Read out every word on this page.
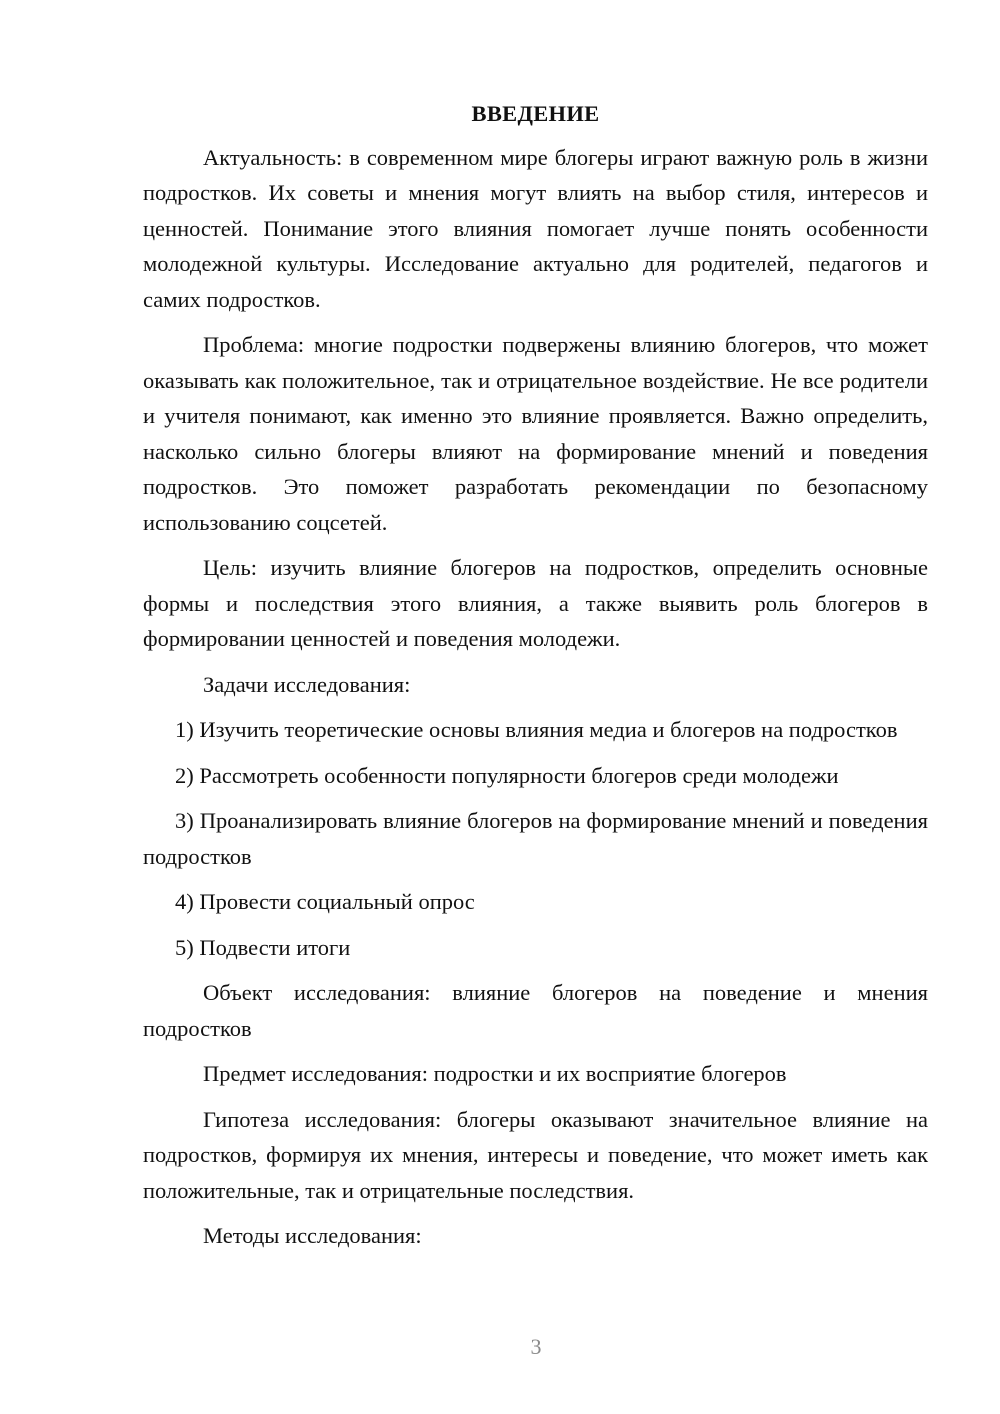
ВВЕДЕНИЕ

Актуальность: в современном мире блогеры играют важную роль в жизни подростков. Их советы и мнения могут влиять на выбор стиля, интересов и ценностей. Понимание этого влияния помогает лучше понять особенности молодежной культуры. Исследование актуально для родителей, педагогов и самих подростков.

Проблема: многие подростки подвержены влиянию блогеров, что может оказывать как положительное, так и отрицательное воздействие. Не все родители и учителя понимают, как именно это влияние проявляется. Важно определить, насколько сильно блогеры влияют на формирование мнений и поведения подростков. Это поможет разработать рекомендации по безопасному использованию соцсетей.

Цель: изучить влияние блогеров на подростков, определить основные формы и последствия этого влияния, а также выявить роль блогеров в формировании ценностей и поведения молодежи.

Задачи исследования:

1) Изучить теоретические основы влияния медиа и блогеров на подростков

2) Рассмотреть особенности популярности блогеров среди молодежи

3) Проанализировать влияние блогеров на формирование мнений и поведения подростков

4) Провести социальный опрос

5) Подвести итоги

Объект исследования: влияние блогеров на поведение и мнения подростков

Предмет исследования: подростки и их восприятие блогеров

Гипотеза исследования: блогеры оказывают значительное влияние на подростков, формируя их мнения, интересы и поведение, что может иметь как положительные, так и отрицательные последствия.

Методы исследования:

3
